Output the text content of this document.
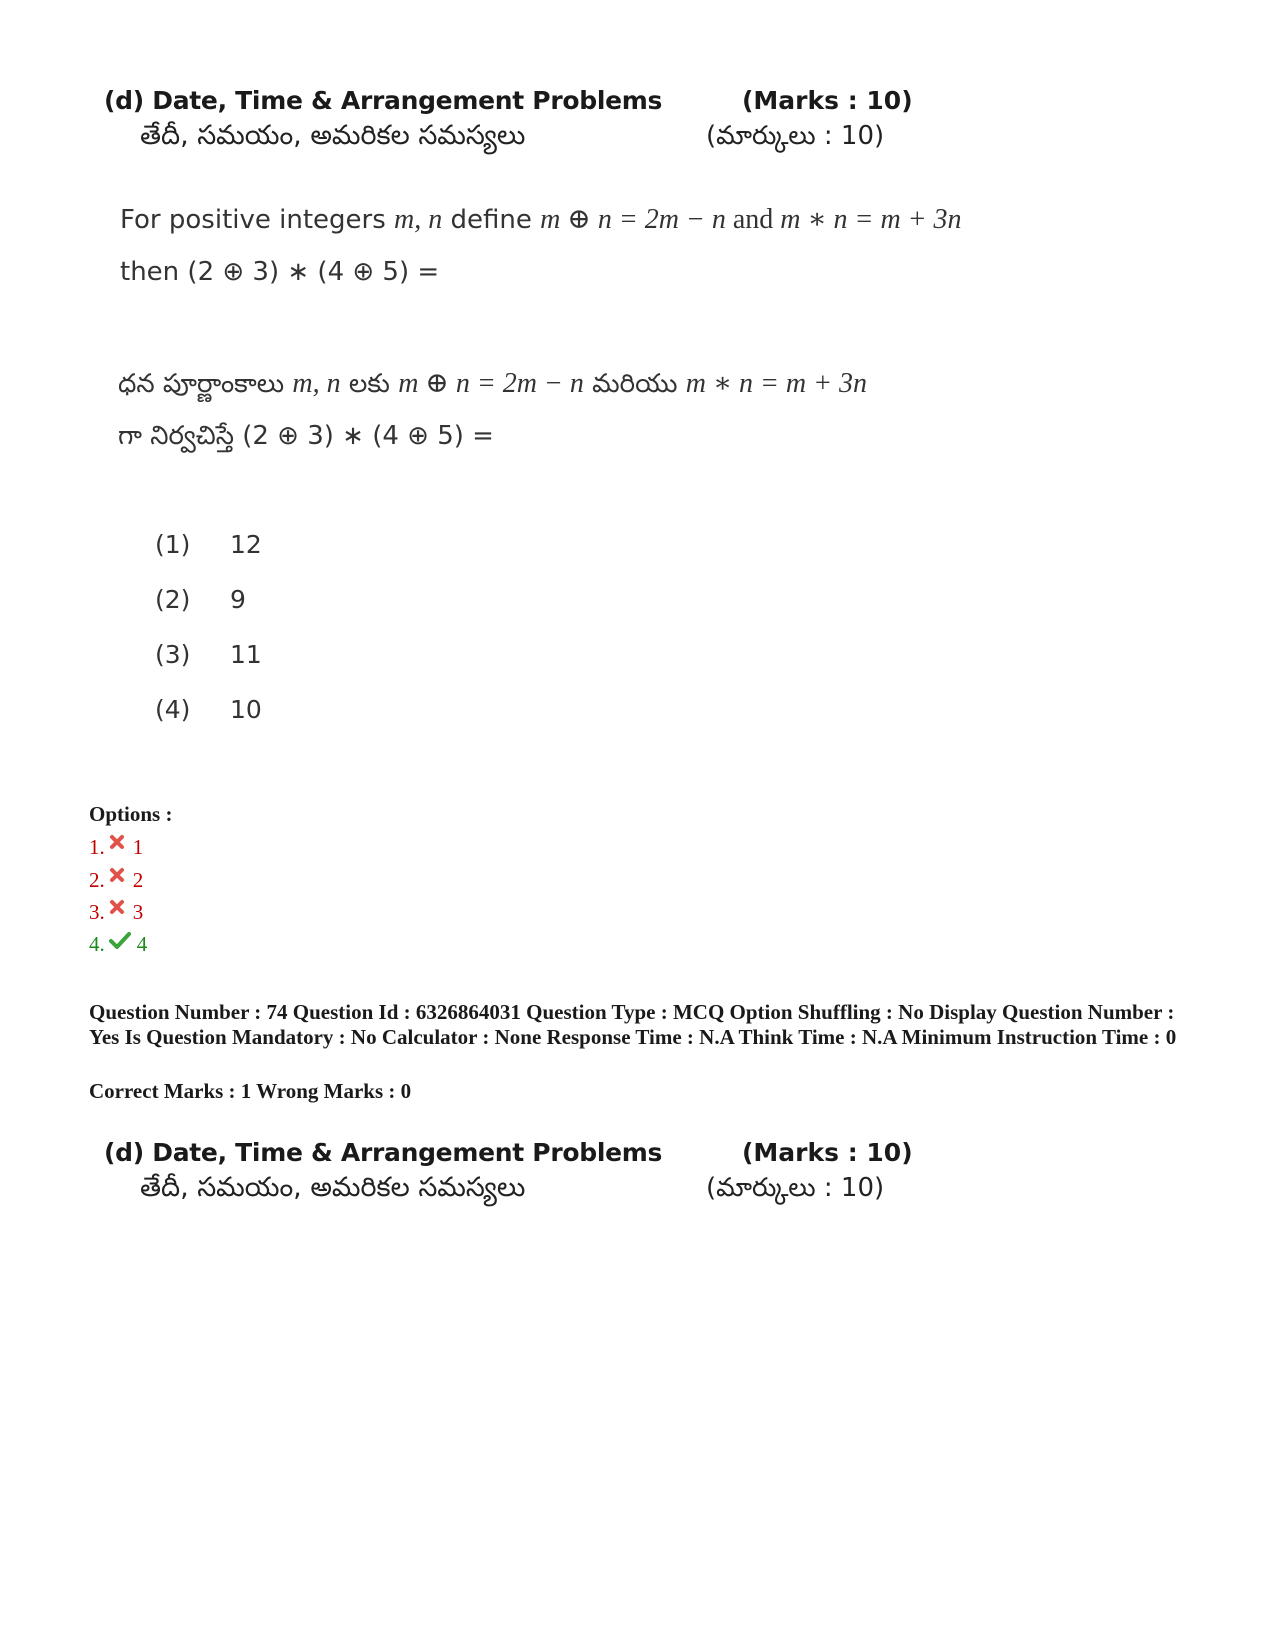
(d) Date, Time & Arrangement Problems	(Marks : 10)
తేదీ, సమయం, అమరికల సమస్యలు	(మార్కులు : 10)
For positive integers m, n define m ⊕ n = 2m − n and m ∗ n = m + 3n
then (2 ⊕ 3) ∗ (4 ⊕ 5) =
ధన పూర్ణాంకాలు m, n లకు m ⊕ n = 2m − n మరియు m ∗ n = m + 3n
గా నిర్వచిస్తే (2 ⊕ 3) ∗ (4 ⊕ 5) =
(1) 12
(2) 9
(3) 11
(4) 10
Options :
1. 1
2. 2
3. 3
4. 4
Question Number : 74 Question Id : 6326864031 Question Type : MCQ Option Shuffling : No Display Question Number : Yes Is Question Mandatory : No Calculator : None Response Time : N.A Think Time : N.A Minimum Instruction Time : 0
Correct Marks : 1 Wrong Marks : 0
(d) Date, Time & Arrangement Problems	(Marks : 10)
తేదీ, సమయం, అమరికల సమస్యలు	(మార్కులు : 10)
